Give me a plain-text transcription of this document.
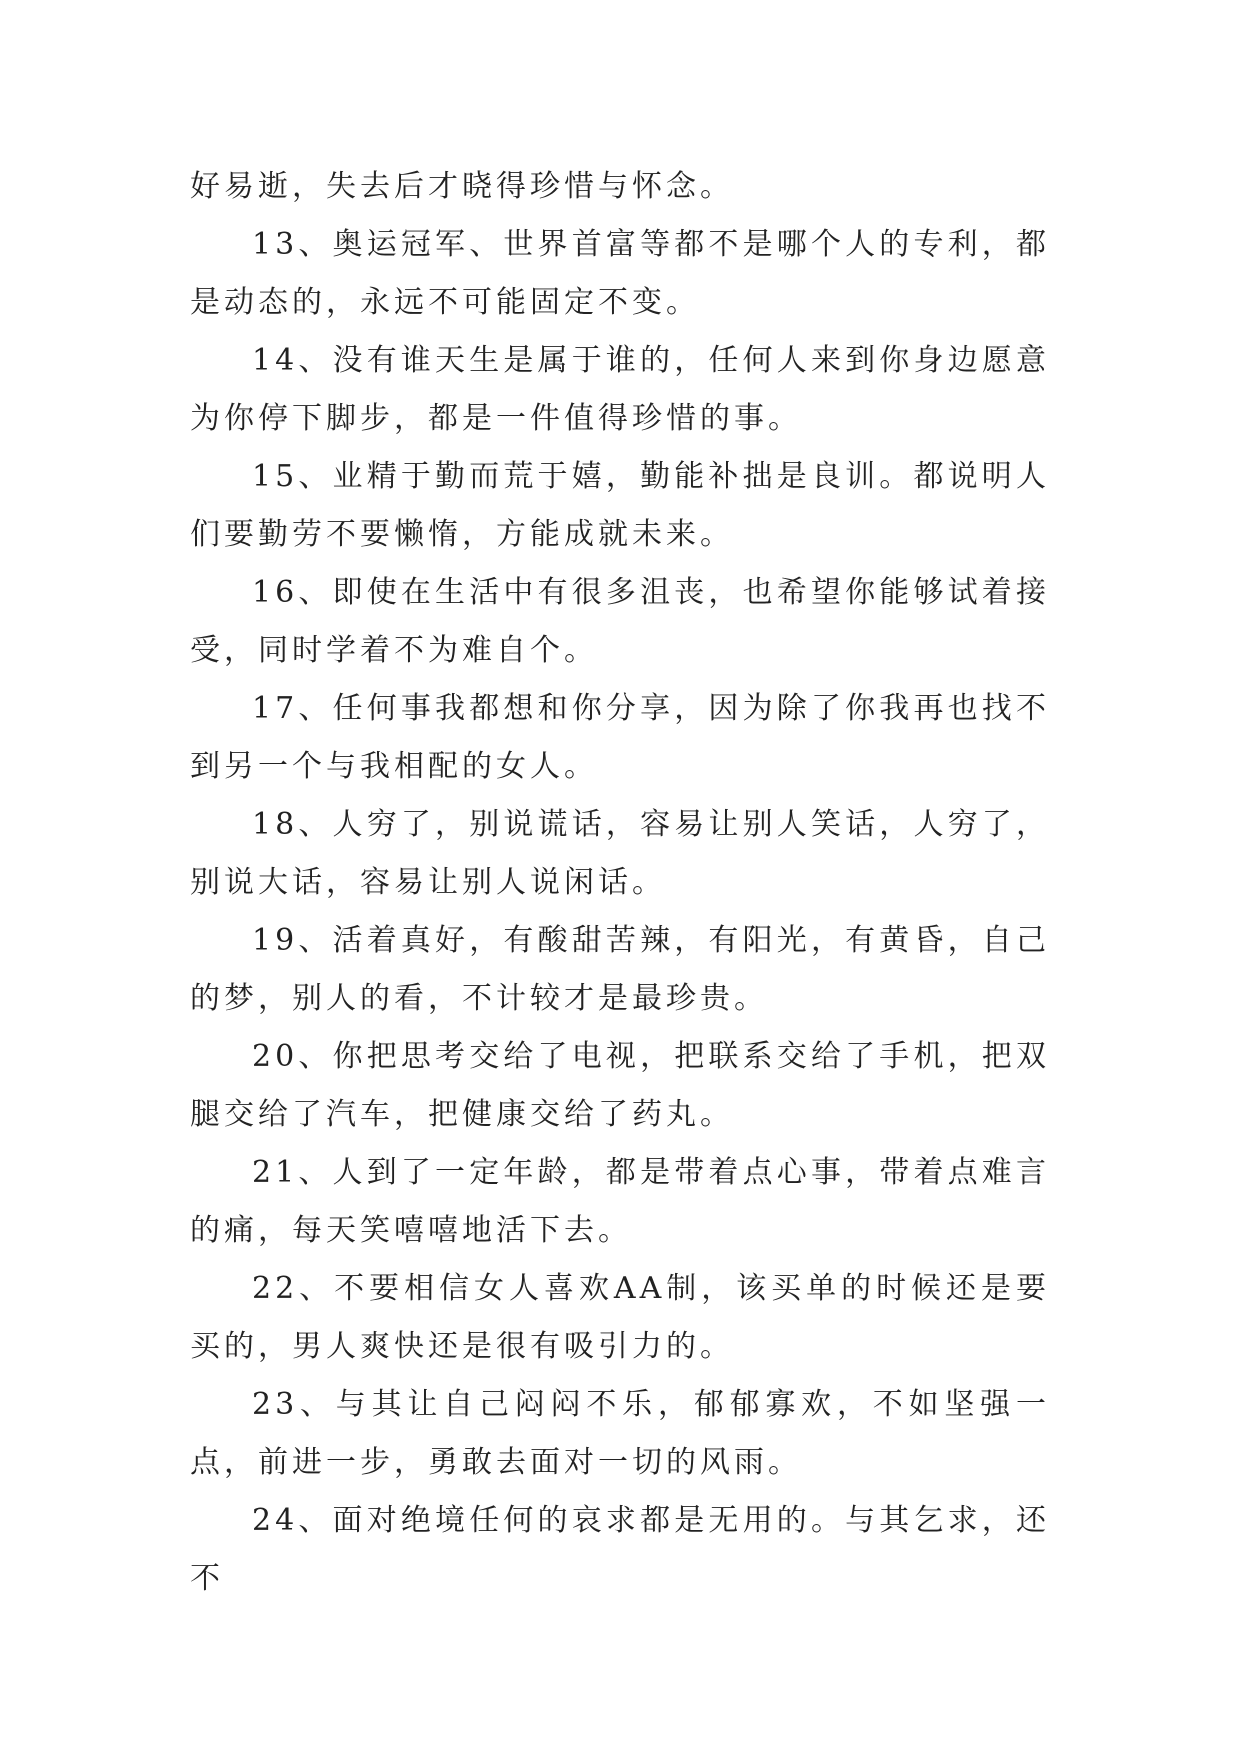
好易逝，失去后才晓得珍惜与怀念。

13、奥运冠军、世界首富等都不是哪个人的专利，都是动态的，永远不可能固定不变。

14、没有谁天生是属于谁的，任何人来到你身边愿意为你停下脚步，都是一件值得珍惜的事。

15、业精于勤而荒于嬉，勤能补拙是良训。都说明人们要勤劳不要懒惰，方能成就未来。

16、即使在生活中有很多沮丧，也希望你能够试着接受，同时学着不为难自个。

17、任何事我都想和你分享，因为除了你我再也找不到另一个与我相配的女人。

18、人穷了，别说谎话，容易让别人笑话，人穷了，别说大话，容易让别人说闲话。

19、活着真好，有酸甜苦辣，有阳光，有黄昏，自己的梦，别人的看，不计较才是最珍贵。

20、你把思考交给了电视，把联系交给了手机，把双腿交给了汽车，把健康交给了药丸。

21、人到了一定年龄，都是带着点心事，带着点难言的痛，每天笑嘻嘻地活下去。

22、不要相信女人喜欢AA制，该买单的时候还是要买的，男人爽快还是很有吸引力的。

23、与其让自己闷闷不乐，郁郁寡欢，不如坚强一点，前进一步，勇敢去面对一切的风雨。

24、面对绝境任何的哀求都是无用的。与其乞求，还不
